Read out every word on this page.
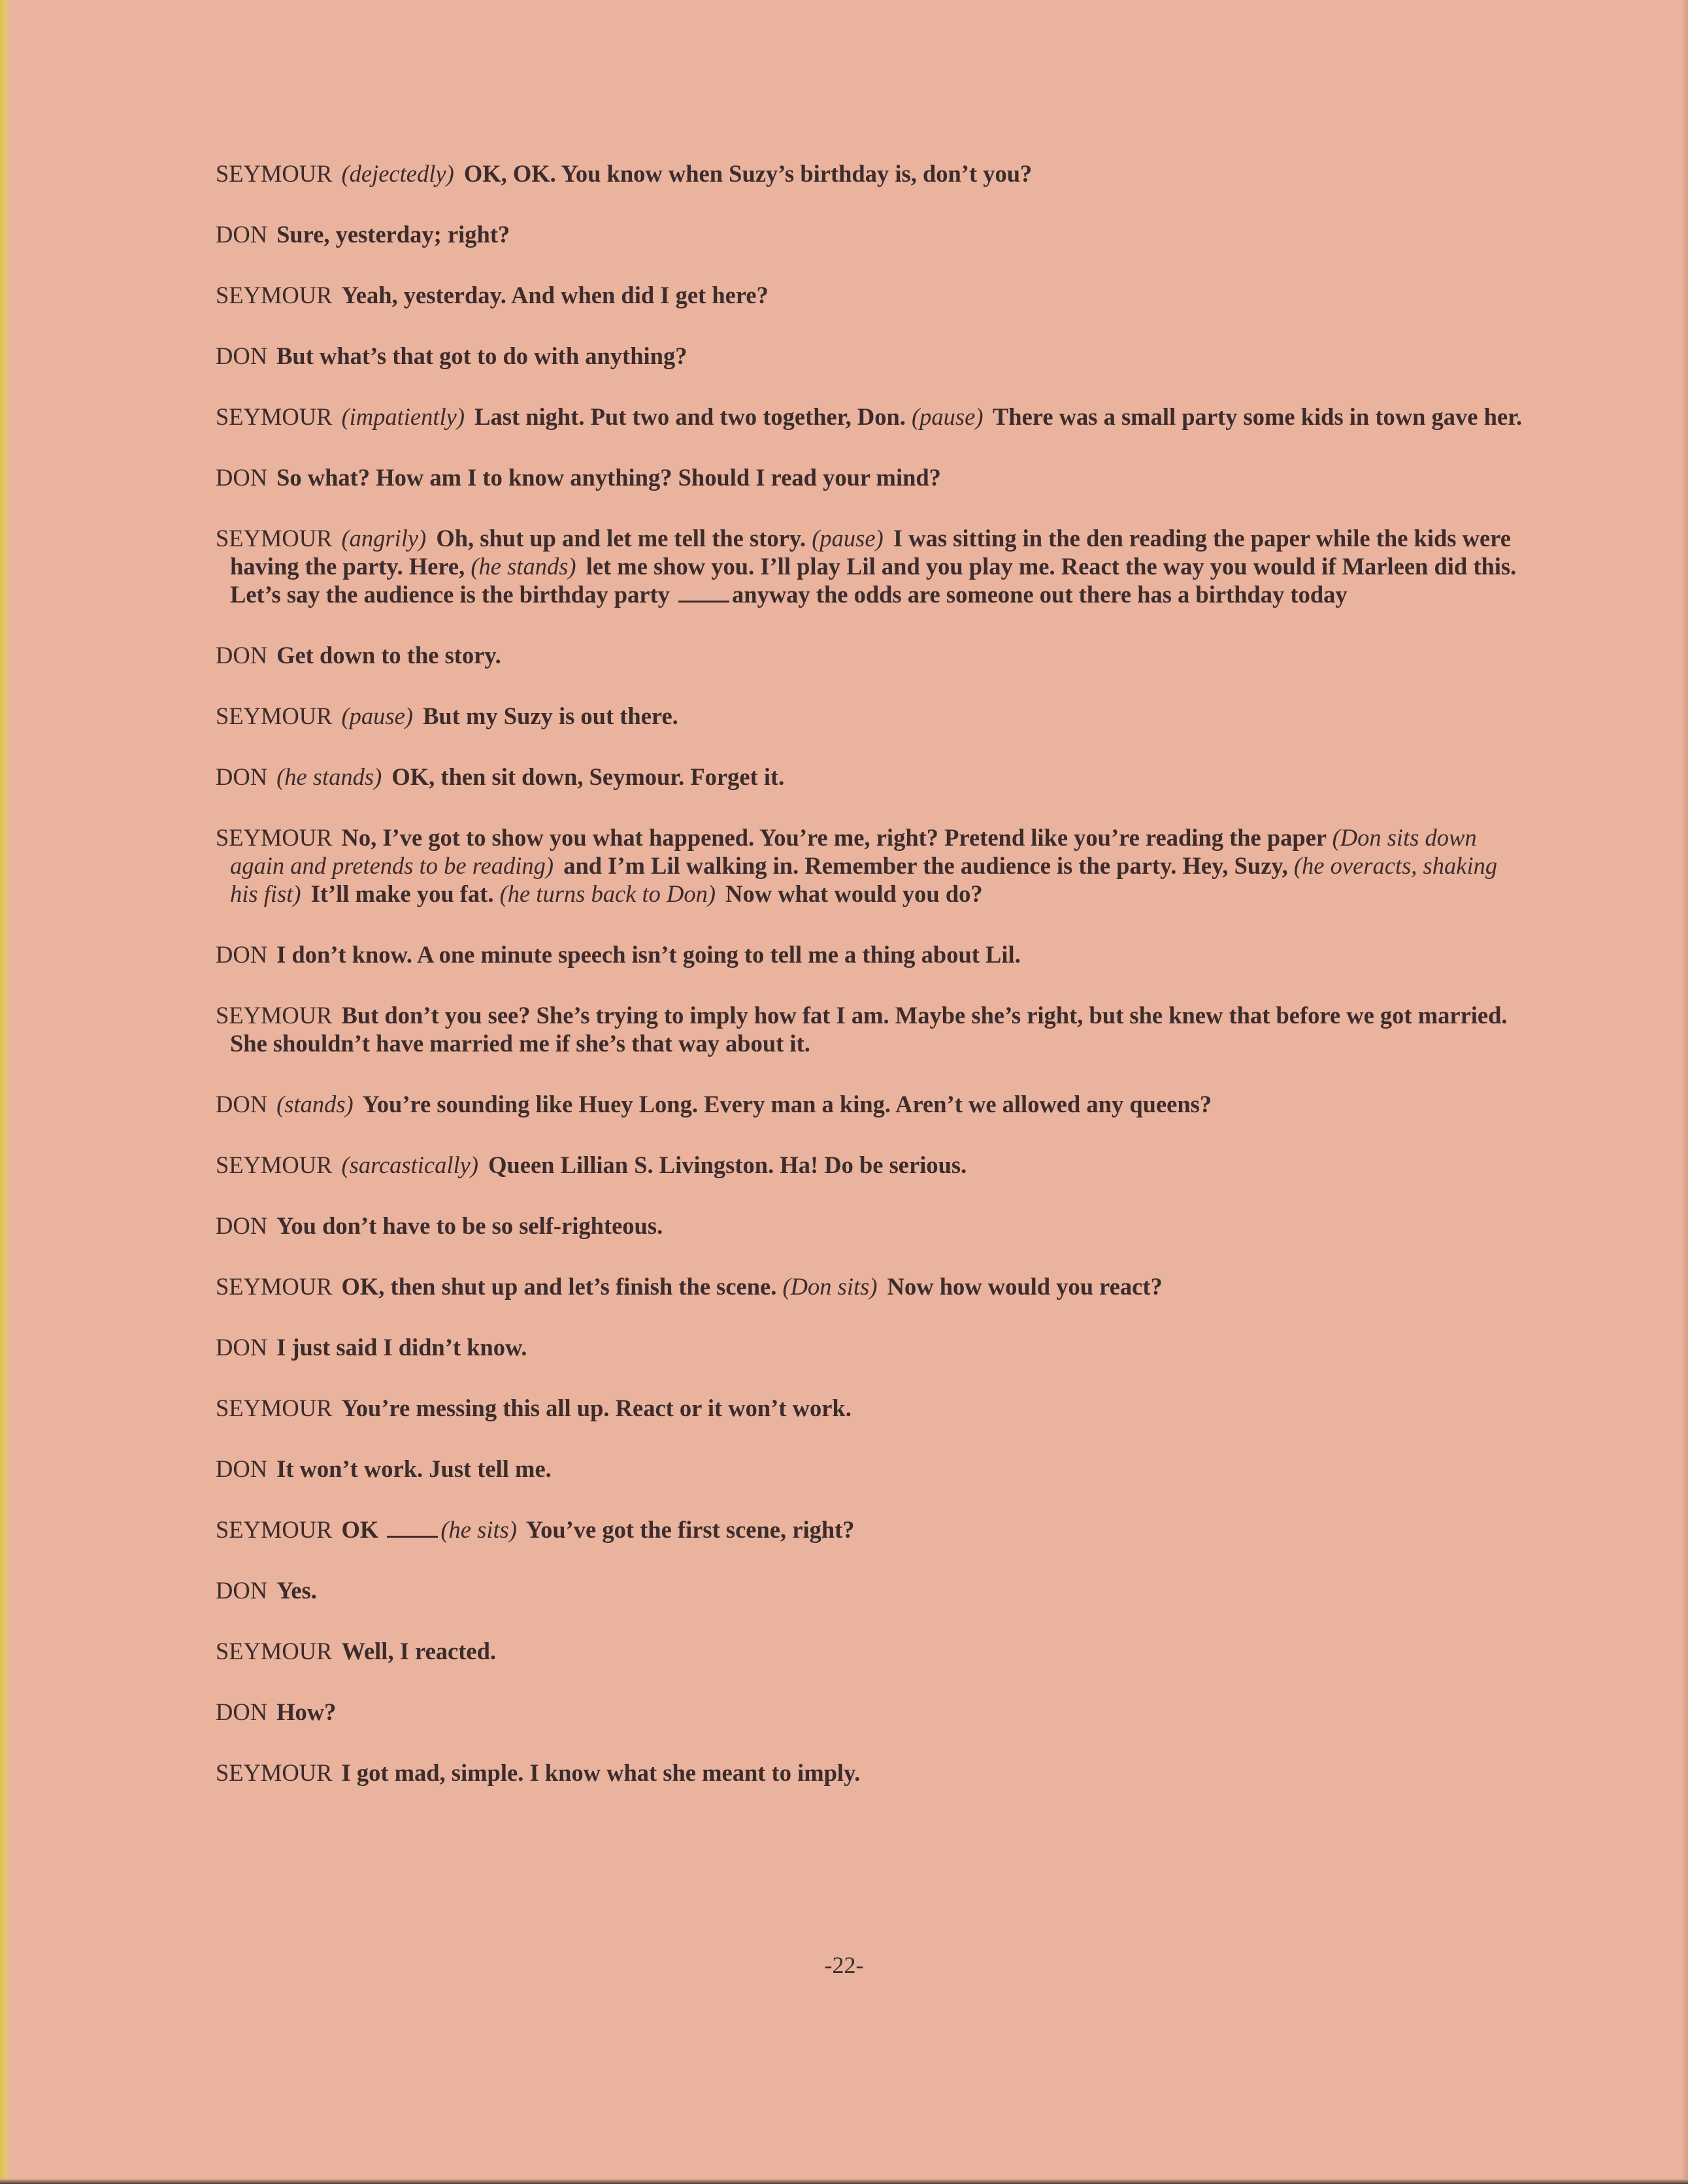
SEYMOUR (dejectedly) OK, OK. You know when Suzy’s birthday is, don’t you?

DON Sure, yesterday; right?

SEYMOUR Yeah, yesterday. And when did I get here?

DON But what’s that got to do with anything?

SEYMOUR (impatiently) Last night. Put two and two together, Don. (pause) There was a small party some kids in town gave her.

DON So what? How am I to know anything? Should I read your mind?

SEYMOUR (angrily) Oh, shut up and let me tell the story. (pause) I was sitting in the den reading the paper while the kids were having the party. Here, (he stands) let me show you. I’ll play Lil and you play me. React the way you would if Marleen did this. Let’s say the audience is the birthday party	anyway the odds are someone out there has a birthday today

DON Get down to the story.

SEYMOUR (pause) But my Suzy is out there.

DON (he stands) OK, then sit down, Seymour. Forget it.

SEYMOUR No, I’ve got to show you what happened. You’re me, right? Pretend like you’re reading the paper (Don sits down again and pretends to be reading) and I’m Lil walking in. Remember the audience is the party. Hey, Suzy, (he overacts, shaking his fist) It’ll make you fat. (he turns back to Don) Now what would you do?

DON I don’t know. A one minute speech isn’t going to tell me a thing about Lil.

SEYMOUR But don’t you see? She’s trying to imply how fat I am. Maybe she’s right, but she knew that before we got married. She shouldn’t have married me if she’s that way about it.

DON (stands) You’re sounding like Huey Long. Every man a king. Aren’t we allowed any queens?

SEYMOUR (sarcastically) Queen Lillian S. Livingston. Ha! Do be serious.

DON You don’t have to be so self-righteous.

SEYMOUR OK, then shut up and let’s finish the scene. (Don sits) Now how would you react?

DON I just said I didn’t know.

SEYMOUR You’re messing this all up. React or it won’t work.

DON It won’t work. Just tell me.

SEYMOUR OK	(he sits) You’ve got the first scene, right?

DON Yes.

SEYMOUR Well, I reacted.

DON How?

SEYMOUR I got mad, simple. I know what she meant to imply.

-22-
